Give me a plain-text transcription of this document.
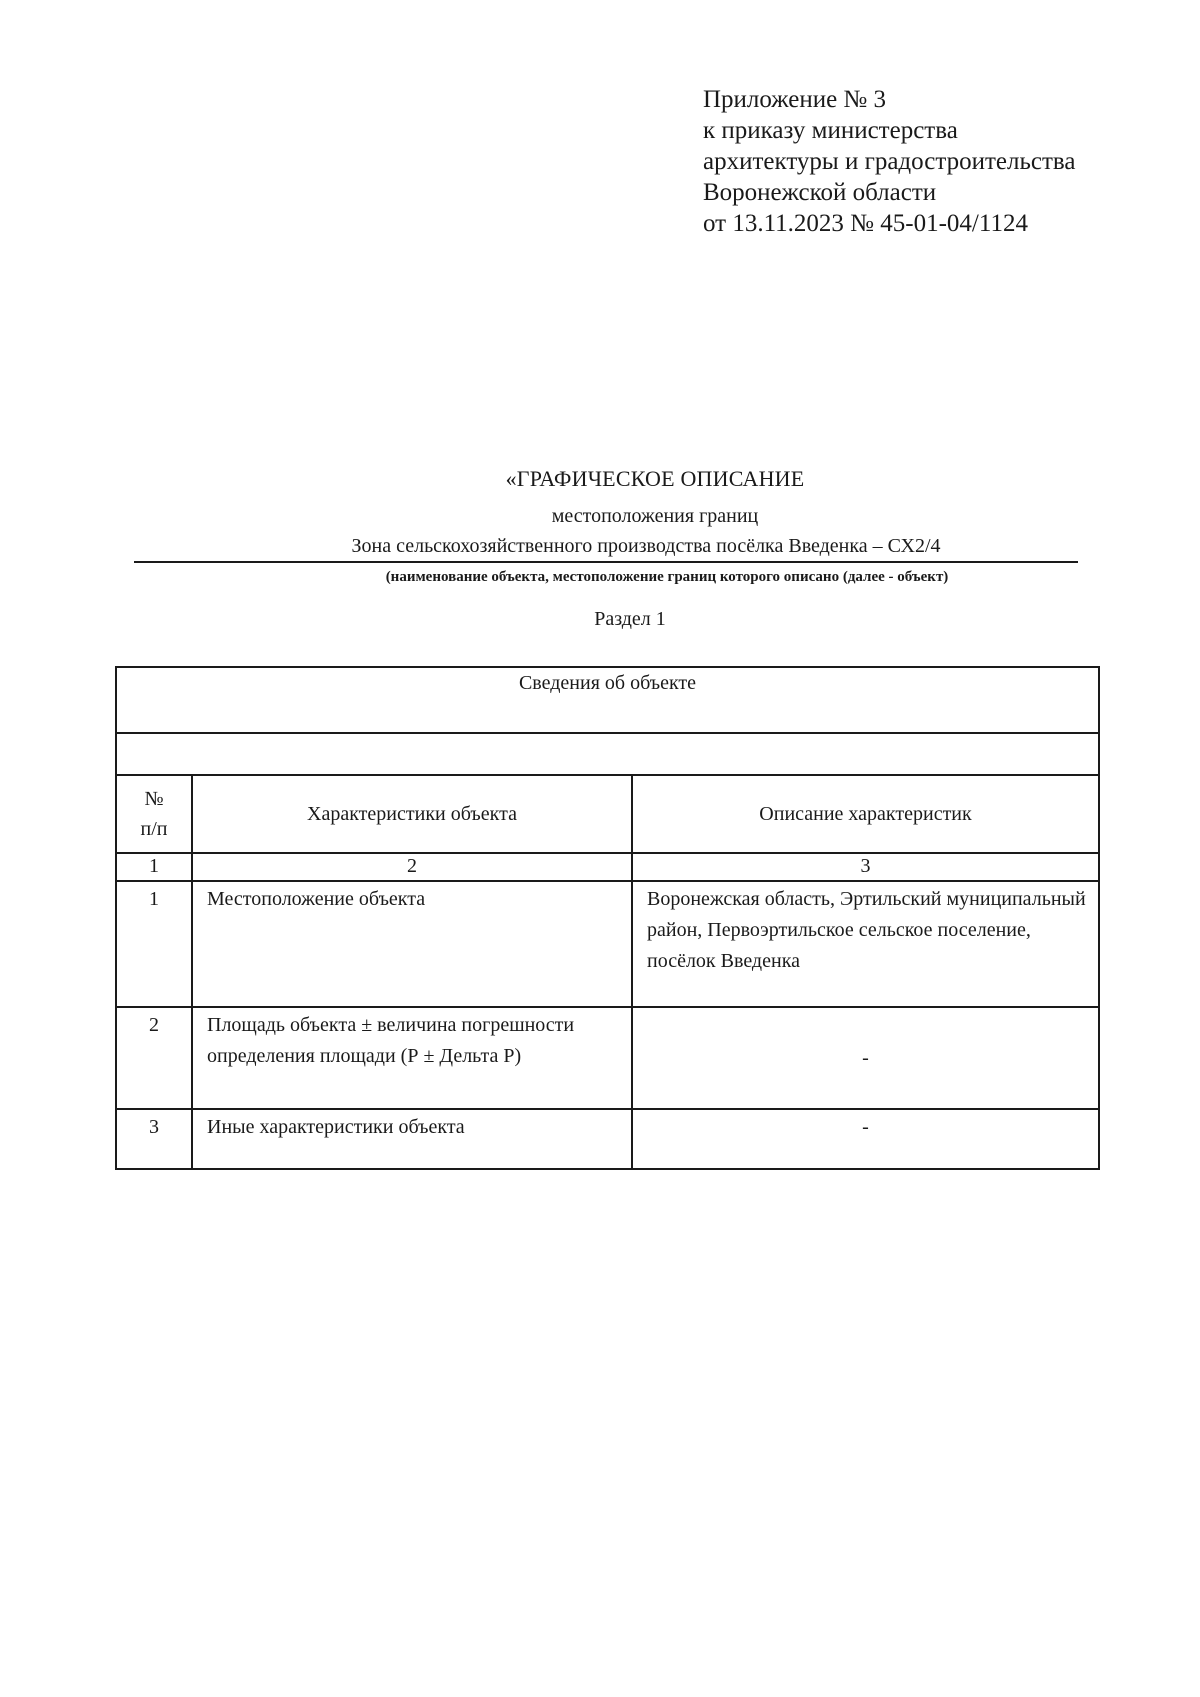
Приложение № 3
к приказу министерства
архитектуры и градостроительства
Воронежской области
от 13.11.2023 № 45-01-04/1124
«ГРАФИЧЕСКОЕ ОПИСАНИЕ
местоположения границ
Зона сельскохозяйственного производства посёлка Введенка – СХ2/4
(наименование объекта, местоположение границ которого описано (далее - объект)
Раздел 1
Сведения об объекте		

№
п/п	Характеристики объекта	Описание характеристик
1	2	3
1	Местоположение объекта	Воронежская область, Эртильский муниципальный район, Первоэртильское сельское поселение, посёлок Введенка
2	Площадь объекта ± величина погрешности определения площади (Р ± Дельта Р)	-
3	Иные характеристики объекта	-
